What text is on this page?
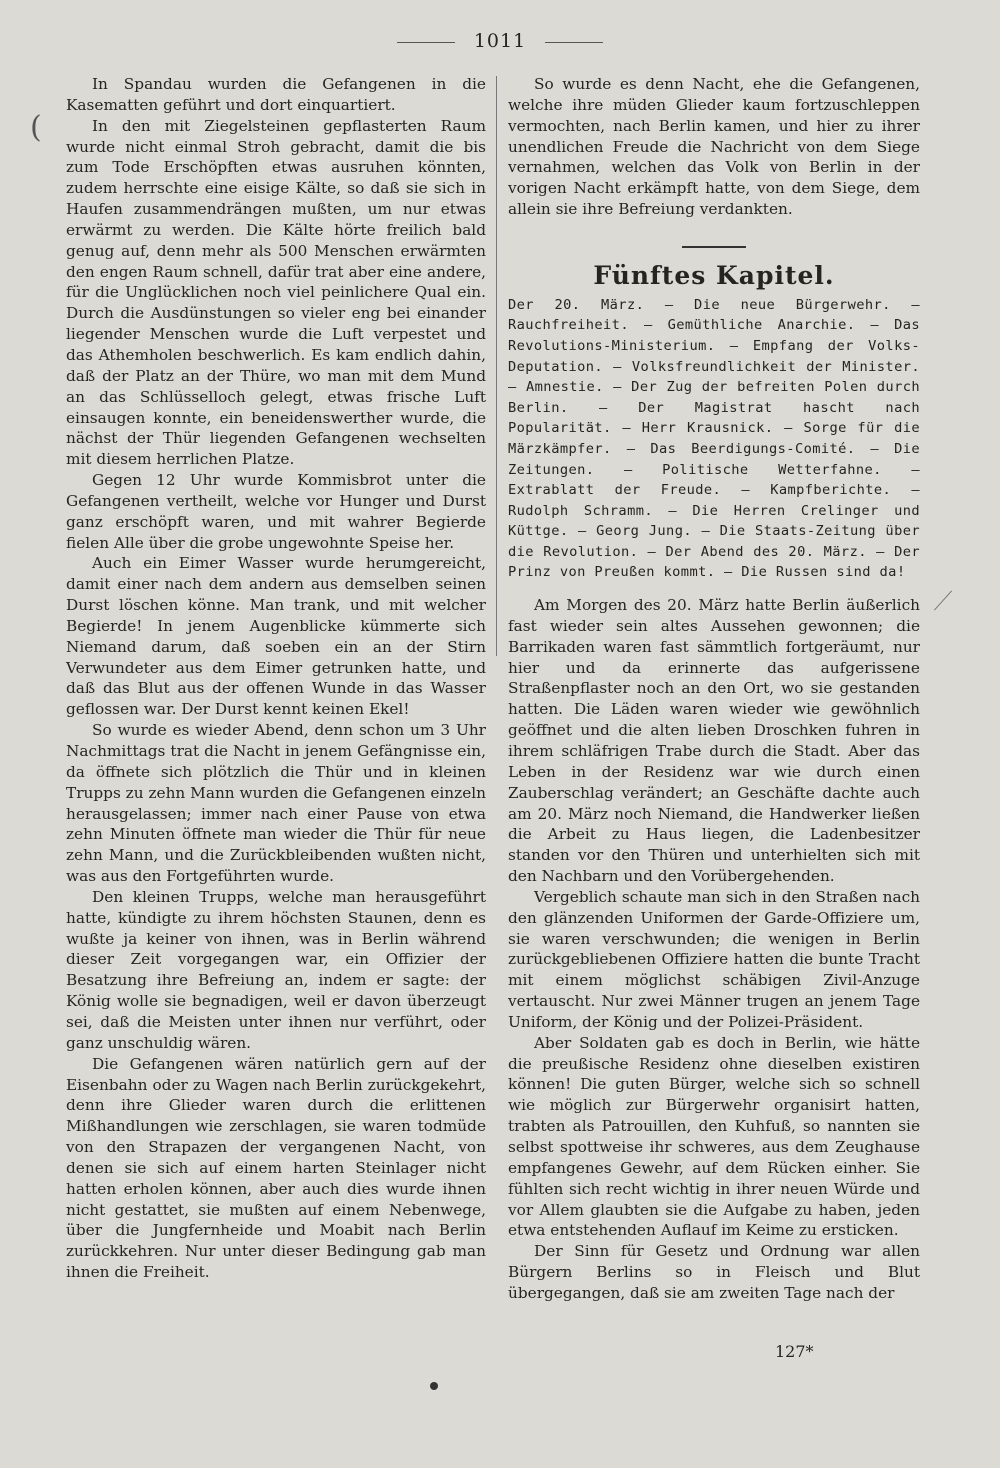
1011
(

In Spandau wurden die Gefangenen in die Kasematten geführt und dort einquartiert.

In den mit Ziegelsteinen gepflasterten Raum wurde nicht einmal Stroh gebracht, damit die bis zum Tode Erschöpften etwas ausruhen könnten, zudem herrschte eine eisige Kälte, so daß sie sich in Haufen zusammendrängen mußten, um nur etwas erwärmt zu werden. Die Kälte hörte freilich bald genug auf, denn mehr als 500 Menschen erwärmten den engen Raum schnell, dafür trat aber eine andere, für die Unglücklichen noch viel peinlichere Qual ein. Durch die Ausdünstungen so vieler eng bei einander liegender Menschen wurde die Luft verpestet und das Athemholen beschwerlich. Es kam endlich dahin, daß der Platz an der Thüre, wo man mit dem Mund an das Schlüsselloch gelegt, etwas frische Luft einsaugen konnte, ein beneidenswerther wurde, die nächst der Thür liegenden Gefangenen wechselten mit diesem herrlichen Platze.

Gegen 12 Uhr wurde Kommisbrot unter die Gefangenen vertheilt, welche vor Hunger und Durst ganz erschöpft waren, und mit wahrer Begierde fielen Alle über die grobe ungewohnte Speise her.

Auch ein Eimer Wasser wurde herumgereicht, damit einer nach dem andern aus demselben seinen Durst löschen könne. Man trank, und mit welcher Begierde! In jenem Augenblicke kümmerte sich Niemand darum, daß soeben ein an der Stirn Verwundeter aus dem Eimer getrunken hatte, und daß das Blut aus der offenen Wunde in das Wasser geflossen war. Der Durst kennt keinen Ekel!

So wurde es wieder Abend, denn schon um 3 Uhr Nachmittags trat die Nacht in jenem Gefängnisse ein, da öffnete sich plötzlich die Thür und in kleinen Trupps zu zehn Mann wurden die Gefangenen einzeln herausgelassen; immer nach einer Pause von etwa zehn Minuten öffnete man wieder die Thür für neue zehn Mann, und die Zurückbleibenden wußten nicht, was aus den Fortgeführten wurde.

Den kleinen Trupps, welche man herausgeführt hatte, kündigte zu ihrem höchsten Staunen, denn es wußte ja keiner von ihnen, was in Berlin während dieser Zeit vorgegangen war, ein Offizier der Besatzung ihre Befreiung an, indem er sagte: der König wolle sie begnadigen, weil er davon überzeugt sei, daß die Meisten unter ihnen nur verführt, oder ganz unschuldig wären.

Die Gefangenen wären natürlich gern auf der Eisenbahn oder zu Wagen nach Berlin zurückgekehrt, denn ihre Glieder waren durch die erlittenen Mißhandlungen wie zerschlagen, sie waren todmüde von den Strapazen der vergangenen Nacht, von denen sie sich auf einem harten Steinlager nicht hatten erholen können, aber auch dies wurde ihnen nicht gestattet, sie mußten auf einem Nebenwege, über die Jungfernheide und Moabit nach Berlin zurückkehren. Nur unter dieser Bedingung gab man ihnen die Freiheit.

So wurde es denn Nacht, ehe die Gefangenen, welche ihre müden Glieder kaum fortzuschleppen vermochten, nach Berlin kamen, und hier zu ihrer unendlichen Freude die Nachricht von dem Siege vernahmen, welchen das Volk von Berlin in der vorigen Nacht erkämpft hatte, von dem Siege, dem allein sie ihre Befreiung verdankten.

Fünftes Kapitel.
Der 20. März. — Die neue Bürgerwehr. — Rauchfreiheit. — Gemüthliche Anarchie. — Das Revolutions-Ministerium. — Empfang der Volks-Deputation. — Volksfreundlichkeit der Minister. — Amnestie. — Der Zug der befreiten Polen durch Berlin. — Der Magistrat hascht nach Popularität. — Herr Krausnick. — Sorge für die Märzkämpfer. — Das Beerdigungs-Comité. — Die Zeitungen. — Politische Wetterfahne. — Extrablatt der Freude. — Kampfberichte. — Rudolph Schramm. — Die Herren Crelinger und Küttge. — Georg Jung. — Die Staats-Zeitung über die Revolution. — Der Abend des 20. März. — Der Prinz von Preußen kommt. — Die Russen sind da!

Am Morgen des 20. März hatte Berlin äußerlich fast wieder sein altes Aussehen gewonnen; die Barrikaden waren fast sämmtlich fortgeräumt, nur hier und da erinnerte das aufgerissene Straßenpflaster noch an den Ort, wo sie gestanden hatten. Die Läden waren wieder wie gewöhnlich geöffnet und die alten lieben Droschken fuhren in ihrem schläfrigen Trabe durch die Stadt. Aber das Leben in der Residenz war wie durch einen Zauberschlag verändert; an Geschäfte dachte auch am 20. März noch Niemand, die Handwerker ließen die Arbeit zu Haus liegen, die Ladenbesitzer standen vor den Thüren und unterhielten sich mit den Nachbarn und den Vorübergehenden.

Vergeblich schaute man sich in den Straßen nach den glänzenden Uniformen der Garde-Offiziere um, sie waren verschwunden; die wenigen in Berlin zurückgebliebenen Offiziere hatten die bunte Tracht mit einem möglichst schäbigen Zivil-Anzuge vertauscht. Nur zwei Männer trugen an jenem Tage Uniform, der König und der Polizei-Präsident.

Aber Soldaten gab es doch in Berlin, wie hätte die preußische Residenz ohne dieselben existiren können! Die guten Bürger, welche sich so schnell wie möglich zur Bürgerwehr organisirt hatten, trabten als Patrouillen, den Kuhfuß, so nannten sie selbst spottweise ihr schweres, aus dem Zeughause empfangenes Gewehr, auf dem Rücken einher. Sie fühlten sich recht wichtig in ihrer neuen Würde und vor Allem glaubten sie die Aufgabe zu haben, jeden etwa entstehenden Auflauf im Keime zu ersticken.

Der Sinn für Gesetz und Ordnung war allen Bürgern Berlins so in Fleisch und Blut übergegangen, daß sie am zweiten Tage nach der

127*
